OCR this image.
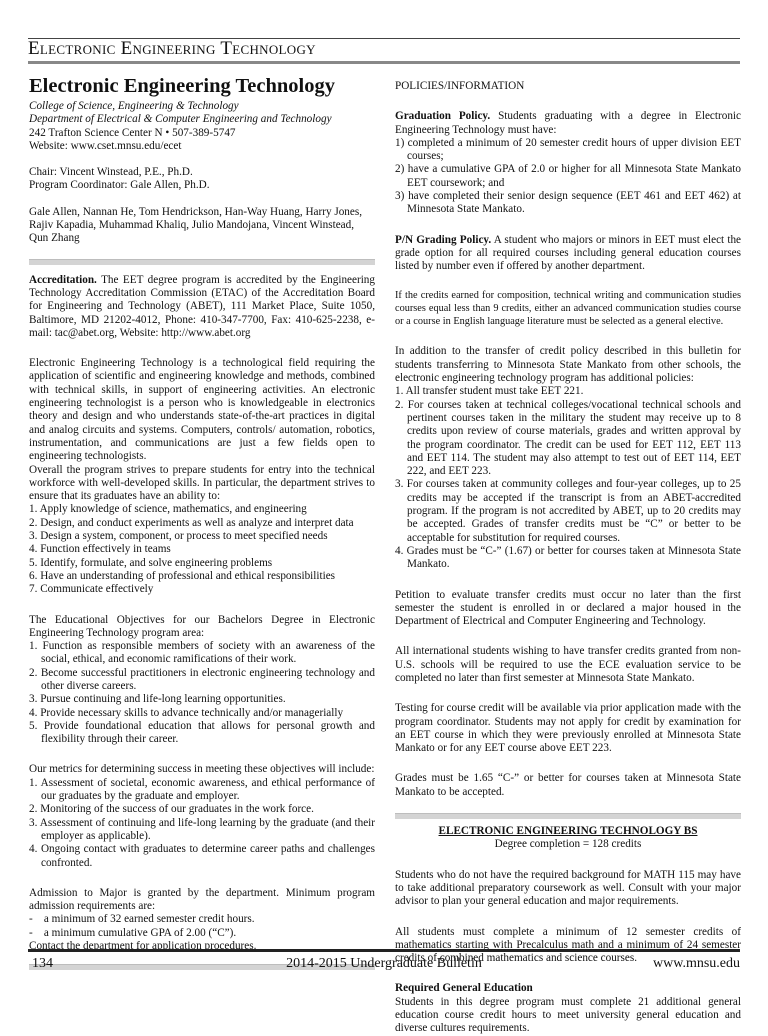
Electronic Engineering Technology
Electronic Engineering Technology

College of Science, Engineering & Technology

Department of Electrical & Computer Engineering and Technology

242 Trafton Science Center N • 507-389-5747

Website: www.cset.mnsu.edu/ecet

Chair: Vincent Winstead, P.E., Ph.D.

Program Coordinator: Gale Allen, Ph.D.

Gale Allen, Nannan He, Tom Hendrickson, Han-Way Huang, Harry Jones, Rajiv Kapadia, Muhammad Khaliq, Julio Mandojana, Vincent Winstead, Qun Zhang

Accreditation. The EET degree program is accredited by the Engineering Technology Accreditation Commission (ETAC) of the Accreditation Board for Engineering and Technology (ABET), 111 Market Place, Suite 1050, Baltimore, MD 21202-4012, Phone: 410-347-7700, Fax: 410-625-2238, e-mail: tac@abet.org, Website: http://www.abet.org

Electronic Engineering Technology is a technological field requiring the application of scientific and engineering knowledge and methods, combined with technical skills, in support of engineering activities. An electronic engineering technologist is a person who is knowledgeable in electronics theory and design and who understands state-of-the-art practices in digital and analog circuits and systems. Computers, controls/ automation, robotics, instrumentation, and communications are just a few fields open to engineering technologists.

Overall the program strives to prepare students for entry into the technical workforce with well-developed skills. In particular, the department strives to ensure that its graduates have an ability to:

1. Apply knowledge of science, mathematics, and engineering
2. Design, and conduct experiments as well as analyze and interpret data
3. Design a system, component, or process to meet specified needs
4. Function effectively in teams
5. Identify, formulate, and solve engineering problems
6. Have an understanding of professional and ethical responsibilities
7. Communicate effectively

The Educational Objectives for our Bachelors Degree in Electronic Engineering Technology program area:

1. Function as responsible members of society with an awareness of the social, ethical, and economic ramifications of their work.
2. Become successful practitioners in electronic engineering technology and other diverse careers.
3. Pursue continuing and life-long learning opportunities.
4. Provide necessary skills to advance technically and/or managerially
5. Provide foundational education that allows for personal growth and flexibility through their career.

Our metrics for determining success in meeting these objectives will include:

1. Assessment of societal, economic awareness, and ethical performance of our graduates by the graduate and employer.
2. Monitoring of the success of our graduates in the work force.
3. Assessment of continuing and life-long learning by the graduate (and their employer as applicable).
4. Ongoing contact with graduates to determine career paths and challenges confronted.

Admission to Major is granted by the department. Minimum program admission requirements are:

-    a minimum of 32 earned semester credit hours.

-    a minimum cumulative GPA of 2.00 (“C”).

Contact the department for application procedures.

POLICIES/INFORMATION

Graduation Policy. Students graduating with a degree in Electronic Engineering Technology must have:

1) completed a minimum of 20 semester credit hours of upper division EET courses;
2) have a cumulative GPA of 2.0 or higher for all Minnesota State Mankato EET coursework; and
3) have completed their senior design sequence (EET 461 and EET 462) at Minnesota State Mankato.

P/N Grading Policy. A student who majors or minors in EET must elect the grade option for all required courses including general education courses listed by number even if offered by another department.

If the credits earned for composition, technical writing and communication studies courses equal less than 9 credits, either an advanced communication studies course or a course in English language literature must be selected as a general elective.

In addition to the transfer of credit policy described in this bulletin for students transferring to Minnesota State Mankato from other schools, the electronic engineering technology program has additional policies:

1. All transfer student must take EET 221.
2. For courses taken at technical colleges/vocational technical schools and pertinent courses taken in the military the student may receive up to 8 credits upon review of course materials, grades and written approval by the program coordinator. The credit can be used for EET 112, EET 113 and EET 114. The student may also attempt to test out of EET 114, EET 222, and EET 223.
3. For courses taken at community colleges and four-year colleges, up to 25 credits may be accepted if the transcript is from an ABET-accredited program. If the program is not accredited by ABET, up to 20 credits may be accepted. Grades of transfer credits must be “C” or better to be acceptable for substitution for required courses.
4. Grades must be “C-” (1.67) or better for courses taken at Minnesota State Mankato.

Petition to evaluate transfer credits must occur no later than the first semester the student is enrolled in or declared a major housed in the Department of Electrical and Computer Engineering and Technology.

All international students wishing to have transfer credits granted from non-U.S. schools will be required to use the ECE evaluation service to be completed no later than first semester at Minnesota State Mankato.

Testing for course credit will be available via prior application made with the program coordinator. Students may not apply for credit by examination for an EET course in which they were previously enrolled at Minnesota State Mankato or for any EET course above EET 223.

Grades must be 1.65 “C-” or better for courses taken at Minnesota State Mankato to be accepted.

ELECTRONIC ENGINEERING TECHNOLOGY BS

Degree completion = 128 credits

Students who do not have the required background for MATH 115 may have to take additional preparatory coursework as well. Consult with your major advisor to plan your general education and major requirements.

All students must complete a minimum of 12 semester credits of mathematics starting with Precalculus math and a minimum of 24 semester credits of combined mathematics and science courses.

Required General Education

Students in this degree program must complete 21 additional general education course credit hours to meet university general education and diverse cultures requirements.

134	2014-2015 Undergraduate Bulletin	www.mnsu.edu
